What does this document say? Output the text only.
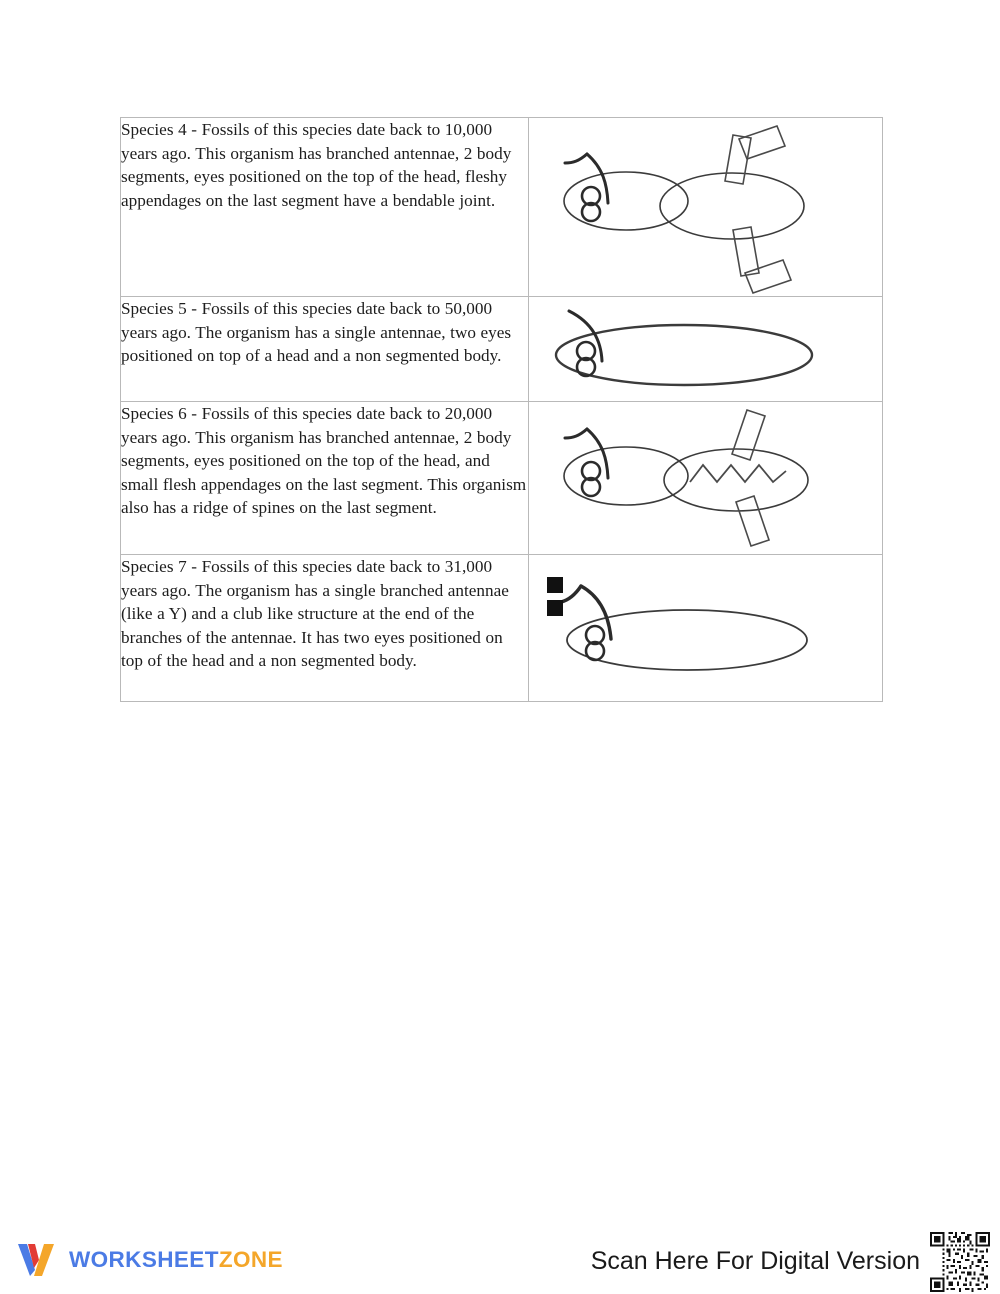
Species 4 - Fossils of this species date back to 10,000 years ago. This organism has branched antennae, 2 body segments, eyes positioned on the top of the head, fleshy appendages on the last segment have a bendable joint.

Species 5 - Fossils of this species date back to 50,000 years ago. The organism has a single antennae, two eyes positioned on top of a head and a non segmented body.

Species 6 - Fossils of this species date back to 20,000 years ago. This organism has branched antennae, 2 body segments, eyes positioned on the top of the head, and small flesh appendages on the last segment. This organism also has a ridge of spines on the last segment.

Species 7 - Fossils of this species date back to 31,000 years ago. The organism has a single branched antennae (like a Y) and a club like structure at the end of the branches of the antennae. It has two eyes positioned on top of the head and a non segmented body.

WORKSHEETZONE	Scan Here For Digital Version
